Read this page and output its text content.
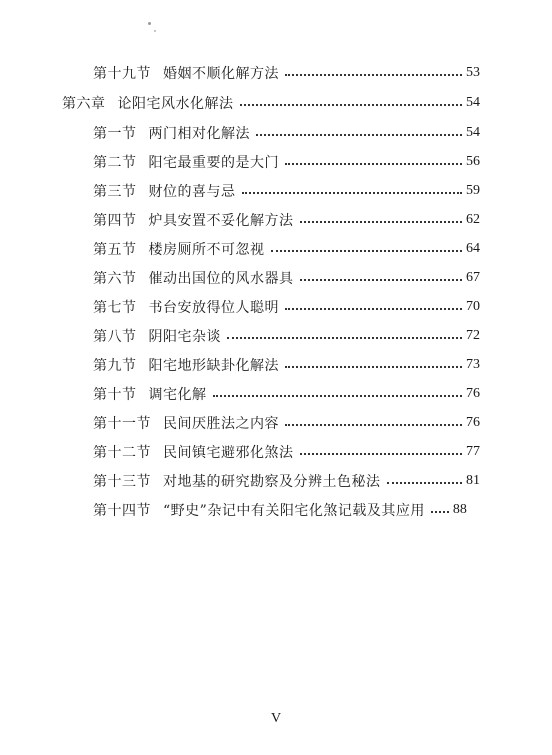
第十九节 婚姻不顺化解方法	53
第六章 论阳宅风水化解法	54
第一节 两门相对化解法	54
第二节 阳宅最重要的是大门	56
第三节 财位的喜与忌	59
第四节 炉具安置不妥化解方法	62
第五节 楼房厕所不可忽视	64
第六节 催动出国位的风水器具	67
第七节 书台安放得位人聪明	70
第八节 阴阳宅杂谈	72
第九节 阳宅地形缺卦化解法	73
第十节 调宅化解	76
第十一节 民间厌胜法之内容	76
第十二节 民间镇宅避邪化煞法	77
第十三节 对地基的研究勘察及分辨土色秘法	81
第十四节 “野史”杂记中有关阳宅化煞记载及其应用 88
V
